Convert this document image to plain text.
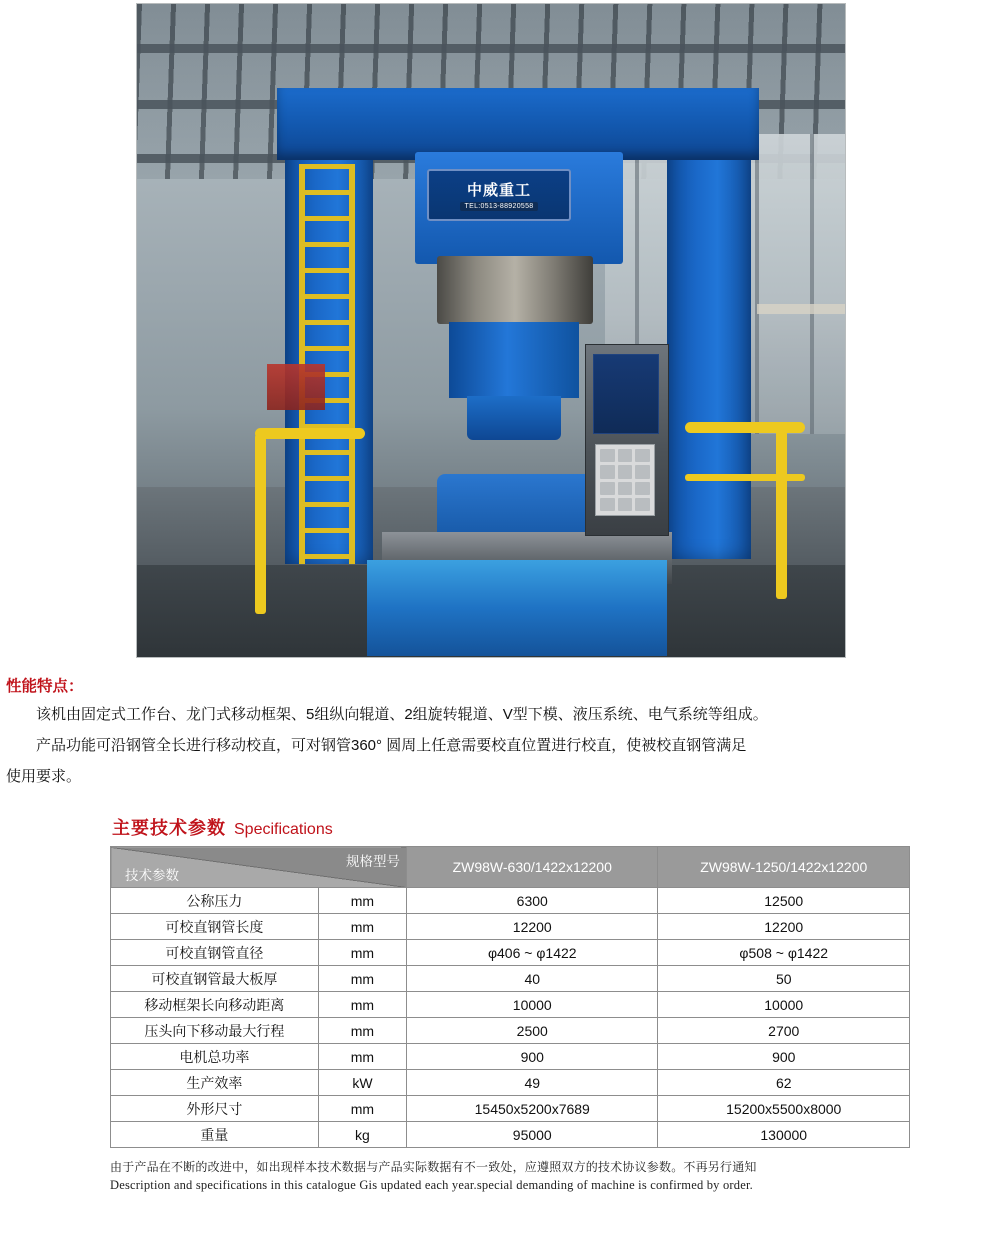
中威重工
TEL:0513-88920558
性能特点：

该机由固定式工作台、龙门式移动框架、5组纵向辊道、2组旋转辊道、V型下模、液压系统、电气系统等组成。

产品功能可沿钢管全长进行移动校直，可对钢管360° 圆周上任意需要校直位置进行校直，使被校直钢管满足

使用要求。

主要技术参数 Specifications
规格型号
技术参数		ZW98W-630/1422x12200	ZW98W-1250/1422x12200
公称压力	mm	6300	12500
可校直钢管长度	mm	12200	12200
可校直钢管直径	mm	φ406 ~ φ1422	φ508 ~ φ1422
可校直钢管最大板厚	mm	40	50
移动框架长向移动距离	mm	10000	10000
压头向下移动最大行程	mm	2500	2700
电机总功率	mm	900	900
生产效率	kW	49	62
外形尺寸	mm	15450x5200x7689	15200x5500x8000
重量	kg	95000	130000
由于产品在不断的改进中，如出现样本技术数据与产品实际数据有不一致处，应遵照双方的技术协议参数。不再另行通知
Description and specifications in this catalogue Gis updated each year.special demanding of machine is confirmed by order.
